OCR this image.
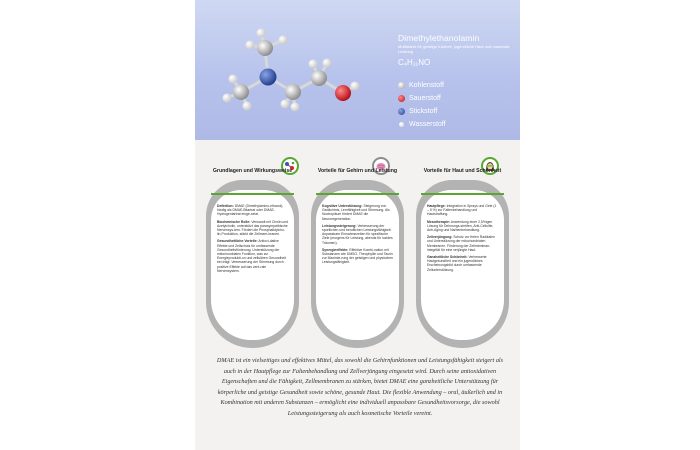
Dimethylethanolamin
Multitalent für geistige Klarheit, jugendliche Haut und maximale Leistung
C₄H₁₁NO
Kohlenstoff
Sauerstoff
Stickstoff
Wasserstoff
Grundlagen und Wirkungsweise

Definition: DMAE (Dimethylamino-ethanol), häufig als DMAE-Bitartrat oder DMAE-Hydrogentartrat einge-setzt.

Biochemische Rolle: Verwandt mit Cholin und Acetylcholin, unterstützt das parasympathische Nervensys-tem. Fördert die Phosphatidylcho-lin-Produktion, stärkt die Zellmem-branen.

Gesundheitliche Vorteile: Antioxi-dative Effekte und Zellschutz für umfassende Gesundheitsförderung. Unterstützung der mitochondrialen Funktion, was zur Energieprodukti-on und zellulären Gesundheit bei-trägt. Verbesserung der Stimmung durch positive Effekte auf das zent-rale Nervensystem.

Vorteile für Gehirn und Leistung

Kognitive Unterstützung: Steigerung von Gedächtnis, Lernfähigkeit und Stimmung. Als Nootropikum fördert DMAE die Neuroregeneration.

Leistungssteigerung: Verbesserung der sportlichen und beruflichen Leistungsfähigkeit. Anpassbare Einnahmezeiten für spezifische Ziele (morgens für Leistung, abends für luzides Träumen).

Synergieeffekte: Effektive Kombi-nation mit Substanzen wie DMSO, Theophyllin und Taurin zur Maximie-rung der geistigen und physischen Leistungsfähigkeit.

Vorteile für Haut und Schönheit

Hautpflege: Integration in Sprays und Gele (1 – 5 %) zur Faltenbehandlung und Hautstraffung.

Mesotherapie: Anwendung einer 2,5%igen Lösung für Dehnungs-streifen, Anti-Cellulite, Anti-Aging und Narbenbehandlung.

Zellverjüngung: Schutz vor freien Radikalen und Unterstützung der mitochondrialen Membranen. Förderung der Zellmembran-integrität für eine verjüngte Haut.

Ganzheitliche Schönheit: Verbesserte Hautgesundheit und ein jugendliches Erscheinungsbild durch umfassende Zellunterstützung.

DMAE ist ein vielseitiges und effektives Mittel, das sowohl die Gehirnfunktionen und Leistungsfähigkeit steigert als auch in der Hautpflege zur Faltenbehandlung und Zellverjüngung eingesetzt wird. Durch seine antioxidativen Eigenschaften und die Fähigkeit, Zellmembranen zu stärken, bietet DMAE eine ganzheitliche Unterstützung für körperliche und geistige Gesundheit sowie schöne, gesunde Haut. Die flexible Anwendung – oral, äußerlich und in Kombination mit anderen Substanzen – ermöglicht eine individuell anpassbare Gesundheitsvorsorge, die sowohl Leistungssteigerung als auch kosmetische Vorteile vereint.
